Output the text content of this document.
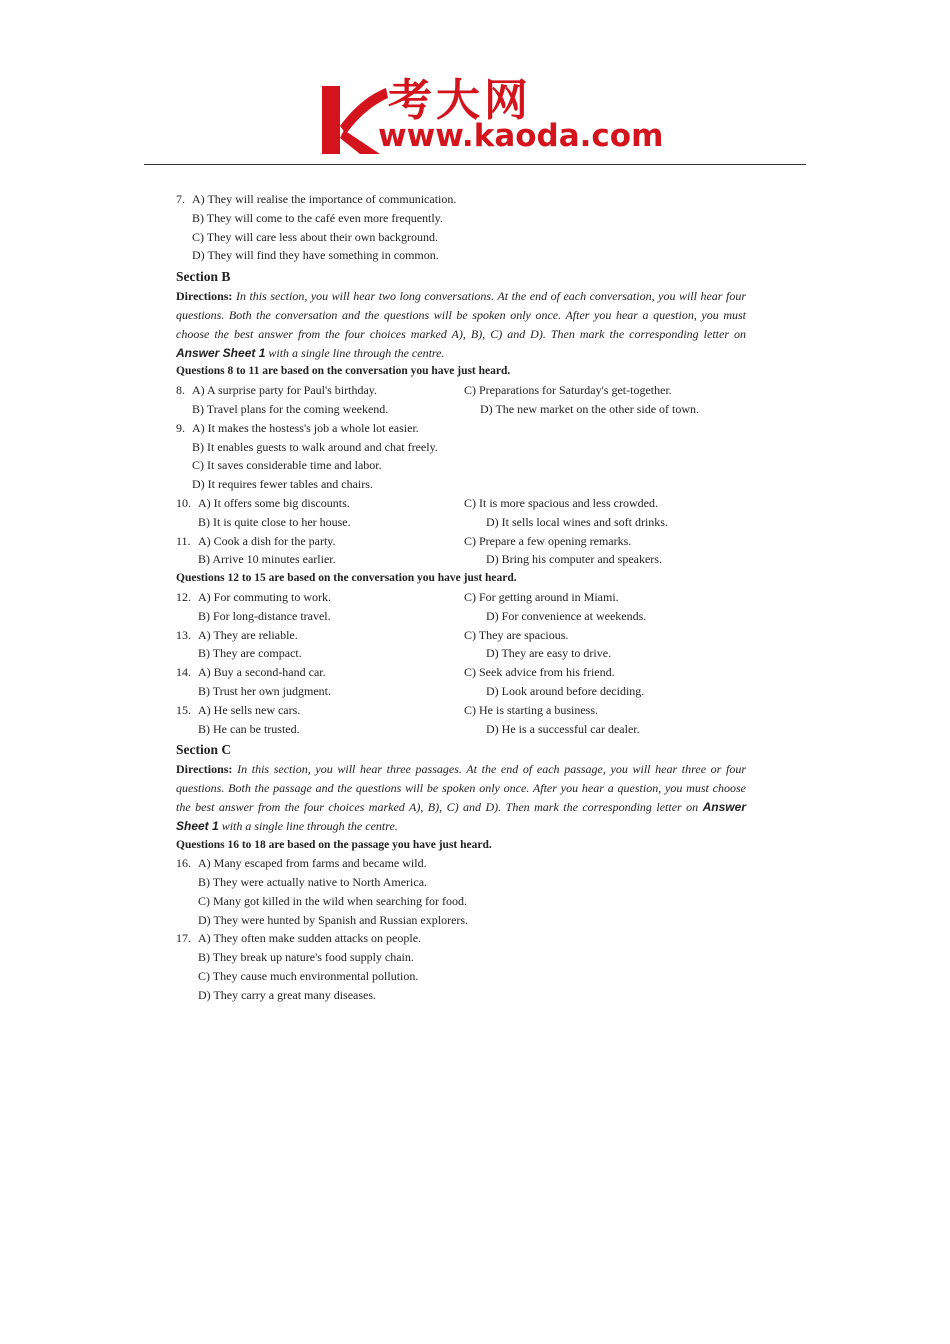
考大网
www.kaoda.com
7. A) They will realise the importance of communication.
B) They will come to the café even more frequently.
C) They will care less about their own background.
D) They will find they have something in common.
Section B
Directions: In this section, you will hear two long conversations. At the end of each conversation, you will hear four questions. Both the conversation and the questions will be spoken only once. After you hear a question, you must choose the best answer from the four choices marked A), B), C) and D). Then mark the corresponding letter on Answer Sheet 1 with a single line through the centre.
Questions 8 to 11 are based on the conversation you have just heard.
8. A) A surprise party for Paul's birthday.	C) Preparations for Saturday's get-together.
B) Travel plans for the coming weekend.	D) The new market on the other side of town.
9. A) It makes the hostess's job a whole lot easier.
B) It enables guests to walk around and chat freely.
C) It saves considerable time and labor.
D) It requires fewer tables and chairs.
10. A) It offers some big discounts.	C) It is more spacious and less crowded.
B) It is quite close to her house.	D) It sells local wines and soft drinks.
11. A) Cook a dish for the party.	C) Prepare a few opening remarks.
B) Arrive 10 minutes earlier.	D) Bring his computer and speakers.
Questions 12 to 15 are based on the conversation you have just heard.
12. A) For commuting to work.	C) For getting around in Miami.
B) For long-distance travel.	D) For convenience at weekends.
13. A) They are reliable.	C) They are spacious.
B) They are compact.	D) They are easy to drive.
14. A) Buy a second-hand car.	C) Seek advice from his friend.
B) Trust her own judgment.	D) Look around before deciding.
15. A) He sells new cars.	C) He is starting a business.
B) He can be trusted.	D) He is a successful car dealer.
Section C
Directions: In this section, you will hear three passages. At the end of each passage, you will hear three or four questions. Both the passage and the questions will be spoken only once. After you hear a question, you must choose the best answer from the four choices marked A), B), C) and D). Then mark the corresponding letter on Answer Sheet 1 with a single line through the centre.
Questions 16 to 18 are based on the passage you have just heard.
16. A) Many escaped from farms and became wild.
B) They were actually native to North America.
C) Many got killed in the wild when searching for food.
D) They were hunted by Spanish and Russian explorers.
17. A) They often make sudden attacks on people.
B) They break up nature's food supply chain.
C) They cause much environmental pollution.
D) They carry a great many diseases.
